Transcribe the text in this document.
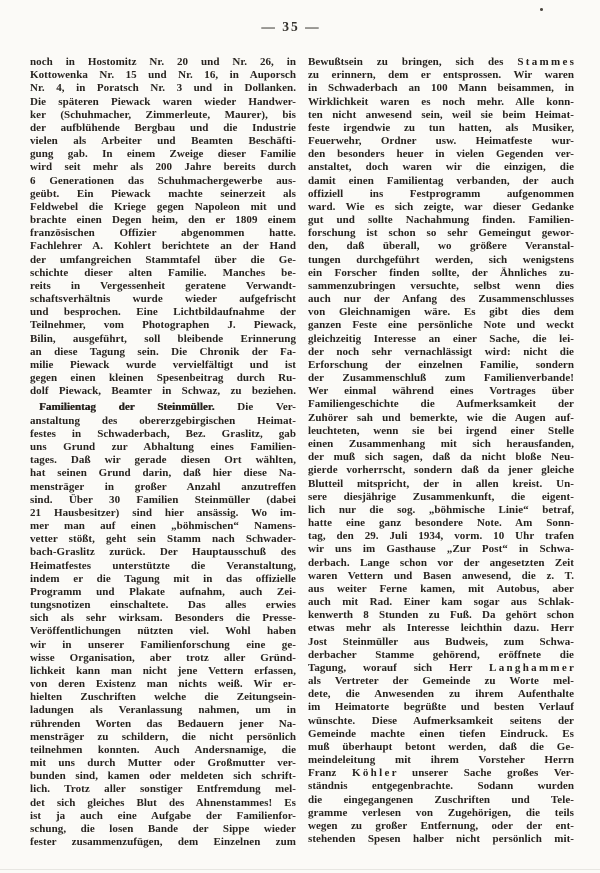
— 35 —
noch in Hostomitz Nr. 20 und Nr. 26, in
Kottowenka Nr. 15 und Nr. 16, in Auporsch
Nr. 4, in Poratsch Nr. 3 und in Dollanken.
Die späteren Piewack waren wieder Handwer-
ker (Schuhmacher, Zimmerleute, Maurer), bis
der aufblühende Bergbau und die Industrie
vielen als Arbeiter und Beamten Beschäfti-
gung gab. In einem Zweige dieser Familie
wird seit mehr als 200 Jahre bereits durch
6 Generationen das Schuhmachergewerbe aus-
geübt. Ein Piewack machte seinerzeit als
Feldwebel die Kriege gegen Napoleon mit und
brachte einen Degen heim, den er 1809 einem
französischen Offizier abgenommen hatte.
Fachlehrer A. Kohlert berichtete an der Hand
der umfangreichen Stammtafel über die Ge-
schichte dieser alten Familie. Manches be-
reits in Vergessenheit geratene Verwandt-
schaftsverhältnis wurde wieder aufgefrischt
und besprochen. Eine Lichtbildaufnahme der
Teilnehmer, vom Photographen J. Piewack,
Bilin, ausgeführt, soll bleibende Erinnerung
an diese Tagung sein. Die Chronik der Fa-
milie Piewack wurde vervielfältigt und ist
gegen einen kleinen Spesenbeitrag durch Ru-
dolf Piewack, Beamter in Schwaz, zu beziehen.
Familientag der Steinmüller. Die Ver-
anstaltung des obererzgebirgischen Heimat-
festes in Schwaderbach, Bez. Graslitz, gab
uns Grund zur Abhaltung eines Familien-
tages. Daß wir gerade diesen Ort wählten,
hat seinen Grund darin, daß hier diese Na-
mensträger in großer Anzahl anzutreffen
sind. Über 30 Familien Steinmüller (dabei
21 Hausbesitzer) sind hier ansässig. Wo im-
mer man auf einen „böhmischen“ Namens-
vetter stößt, geht sein Stamm nach Schwader-
bach-Graslitz zurück. Der Hauptausschuß des
Heimatfestes unterstützte die Veranstaltung,
indem er die Tagung mit in das offizielle
Programm und Plakate aufnahm, auch Zei-
tungsnotizen einschaltete. Das alles erwies
sich als sehr wirksam. Besonders die Presse-
Veröffentlichungen nützten viel. Wohl haben
wir in unserer Familienforschung eine ge-
wisse Organisation, aber trotz aller Gründ-
lichkeit kann man nicht jene Vettern erfassen,
von deren Existenz man nichts weiß. Wir er-
hielten Zuschriften welche die Zeitungsein-
ladungen als Veranlassung nahmen, um in
rührenden Worten das Bedauern jener Na-
mensträger zu schildern, die nicht persönlich
teilnehmen konnten. Auch Andersnamige, die
mit uns durch Mutter oder Großmutter ver-
bunden sind, kamen oder meldeten sich schrift-
lich. Trotz aller sonstiger Entfremdung mel-
det sich gleiches Blut des Ahnenstammes! Es
ist ja auch eine Aufgabe der Familienfor-
schung, die losen Bande der Sippe wieder
fester zusammenzufügen, dem Einzelnen zum
Bewußtsein zu bringen, sich des S t a m m e s
zu erinnern, dem er entsprossen. Wir waren
in Schwaderbach an 100 Mann beisammen, in
Wirklichkeit waren es noch mehr. Alle konn-
ten nicht anwesend sein, weil sie beim Heimat-
feste irgendwie zu tun hatten, als Musiker,
Feuerwehr, Ordner usw. Heimatfeste wur-
den besonders heuer in vielen Gegenden ver-
anstaltet, doch waren wir die einzigen, die
damit einen Familientag verbanden, der auch
offiziell ins Festprogramm aufgenommen
ward. Wie es sich zeigte, war dieser Gedanke
gut und sollte Nachahmung finden. Familien-
forschung ist schon so sehr Gemeingut gewor-
den, daß überall, wo größere Veranstal-
tungen durchgeführt werden, sich wenigstens
ein Forscher finden sollte, der Ähnliches zu-
sammenzubringen versuchte, selbst wenn dies
auch nur der Anfang des Zusammenschlusses
von Gleichnamigen wäre. Es gibt dies dem
ganzen Feste eine persönliche Note und weckt
gleichzeitig Interesse an einer Sache, die lei-
der noch sehr vernachlässigt wird: nicht die
Erforschung der einzelnen Familie, sondern
der Zusammenschluß zum Familienverbande!
Wer einmal während eines Vortrages über
Familiengeschichte die Aufmerksamkeit der
Zuhörer sah und bemerkte, wie die Augen auf-
leuchteten, wenn sie bei irgend einer Stelle
einen Zusammenhang mit sich herausfanden,
der muß sich sagen, daß da nicht bloße Neu-
gierde vorherrscht, sondern daß da jener gleiche
Blutteil mitspricht, der in allen kreist. Un-
sere diesjährige Zusammenkunft, die eigent-
lich nur die sog. „böhmische Linie“ betraf,
hatte eine ganz besondere Note. Am Sonn-
tag, den 29. Juli 1934, vorm. 10 Uhr trafen
wir uns im Gasthause „Zur Post“ in Schwa-
derbach. Lange schon vor der angesetzten Zeit
waren Vettern und Basen anwesend, die z. T.
aus weiter Ferne kamen, mit Autobus, aber
auch mit Rad. Einer kam sogar aus Schlak-
kenwerth 8 Stunden zu Fuß. Da gehört schon
etwas mehr als Interesse leichthin dazu. Herr
Jost Steinmüller aus Budweis, zum Schwa-
derbacher Stamme gehörend, eröffnete die
Tagung, worauf sich Herr L a n g h a m m e r
als Vertreter der Gemeinde zu Worte mel-
dete, die Anwesenden zu ihrem Aufenthalte
im Heimatorte begrüßte und besten Verlauf
wünschte. Diese Aufmerksamkeit seitens der
Gemeinde machte einen tiefen Eindruck. Es
muß überhaupt betont werden, daß die Ge-
meindeleitung mit ihrem Vorsteher Herrn
Franz K ö h l e r unserer Sache großes Ver-
ständnis entgegenbrachte. Sodann wurden
die eingegangenen Zuschriften und Tele-
gramme verlesen von Zugehörigen, die teils
wegen zu großer Entfernung, oder der ent-
stehenden Spesen halber nicht persönlich mit-
